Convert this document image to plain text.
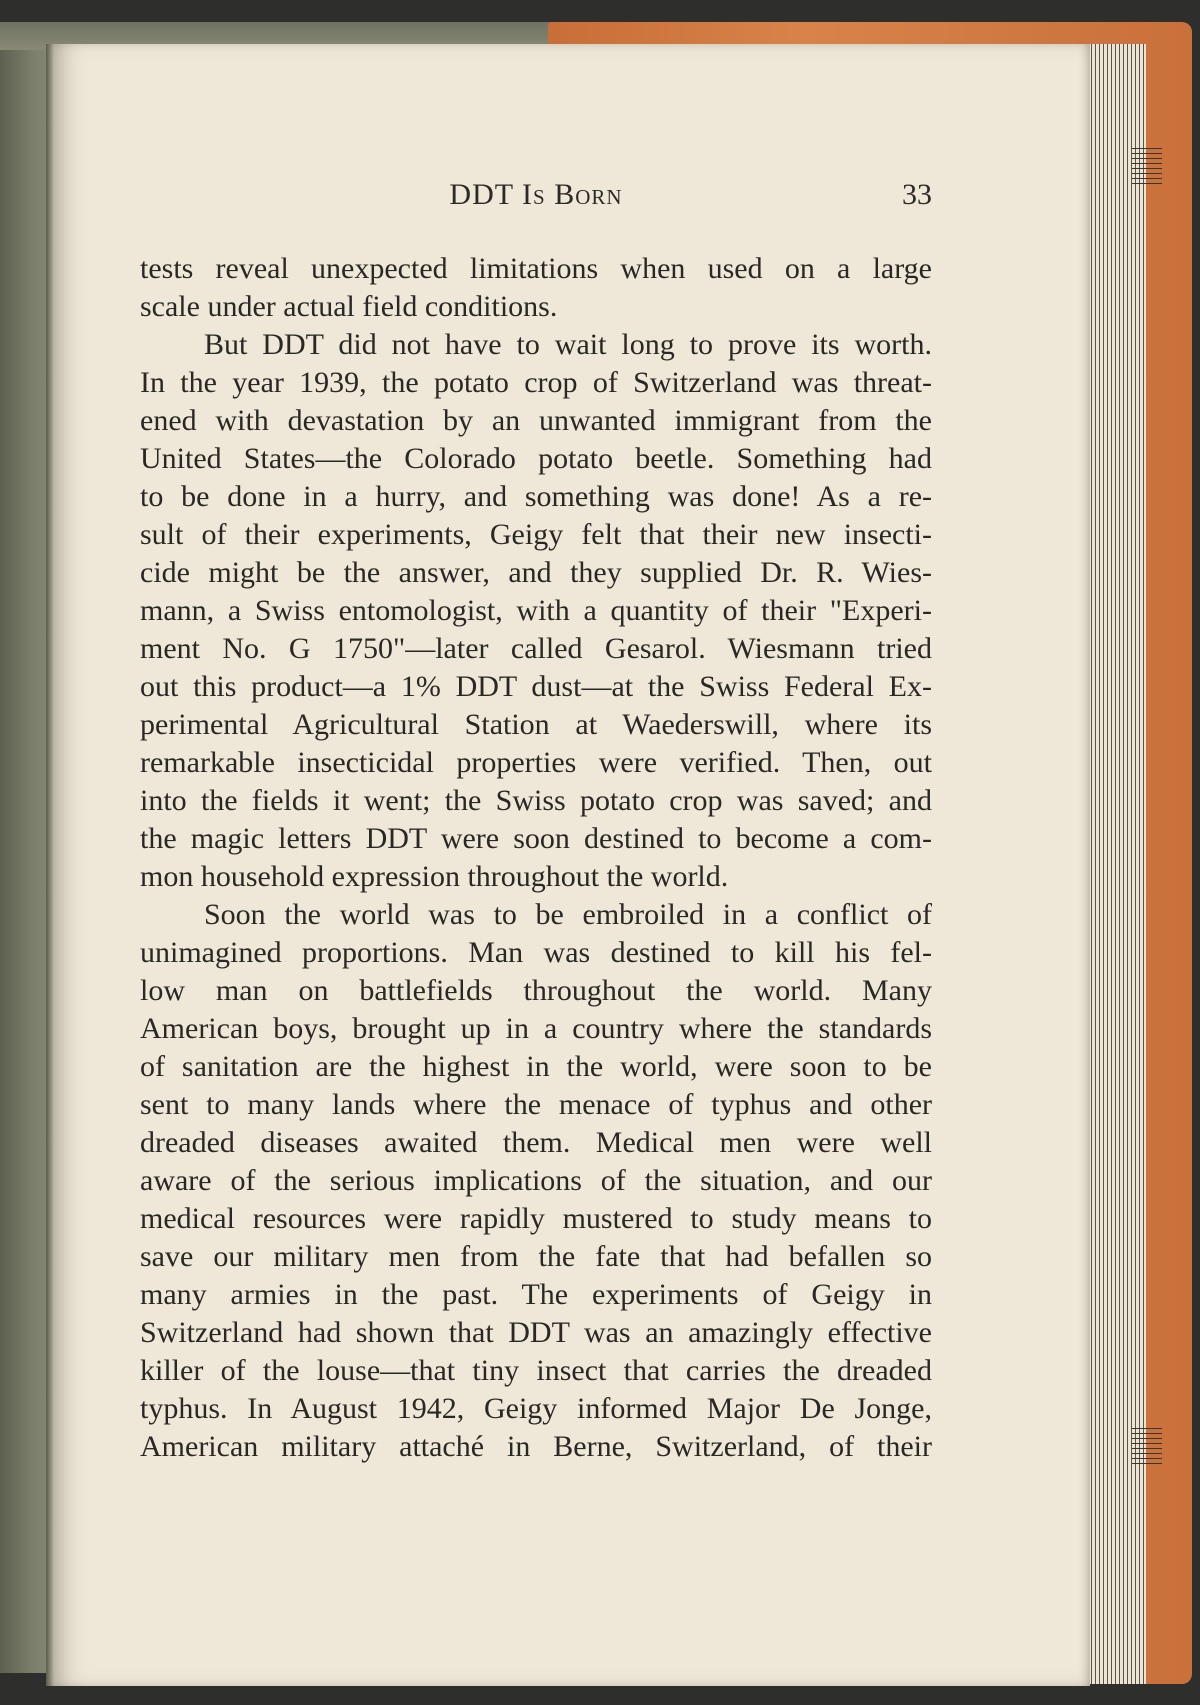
DDT Is Born	33
tests reveal unexpected limitations when used on a large
scale under actual field conditions.
But DDT did not have to wait long to prove its worth.
In the year 1939, the potato crop of Switzerland was threat-
ened with devastation by an unwanted immigrant from the
United States—the Colorado potato beetle. Something had
to be done in a hurry, and something was done! As a re-
sult of their experiments, Geigy felt that their new insecti-
cide might be the answer, and they supplied Dr. R. Wies-
mann, a Swiss entomologist, with a quantity of their "Experi-
ment No. G 1750"—later called Gesarol. Wiesmann tried
out this product—a 1% DDT dust—at the Swiss Federal Ex-
perimental Agricultural Station at Waederswill, where its
remarkable insecticidal properties were verified. Then, out
into the fields it went; the Swiss potato crop was saved; and
the magic letters DDT were soon destined to become a com-
mon household expression throughout the world.
Soon the world was to be embroiled in a conflict of
unimagined proportions. Man was destined to kill his fel-
low man on battlefields throughout the world. Many
American boys, brought up in a country where the standards
of sanitation are the highest in the world, were soon to be
sent to many lands where the menace of typhus and other
dreaded diseases awaited them. Medical men were well
aware of the serious implications of the situation, and our
medical resources were rapidly mustered to study means to
save our military men from the fate that had befallen so
many armies in the past. The experiments of Geigy in
Switzerland had shown that DDT was an amazingly effective
killer of the louse—that tiny insect that carries the dreaded
typhus. In August 1942, Geigy informed Major De Jonge,
American military attaché in Berne, Switzerland, of their
